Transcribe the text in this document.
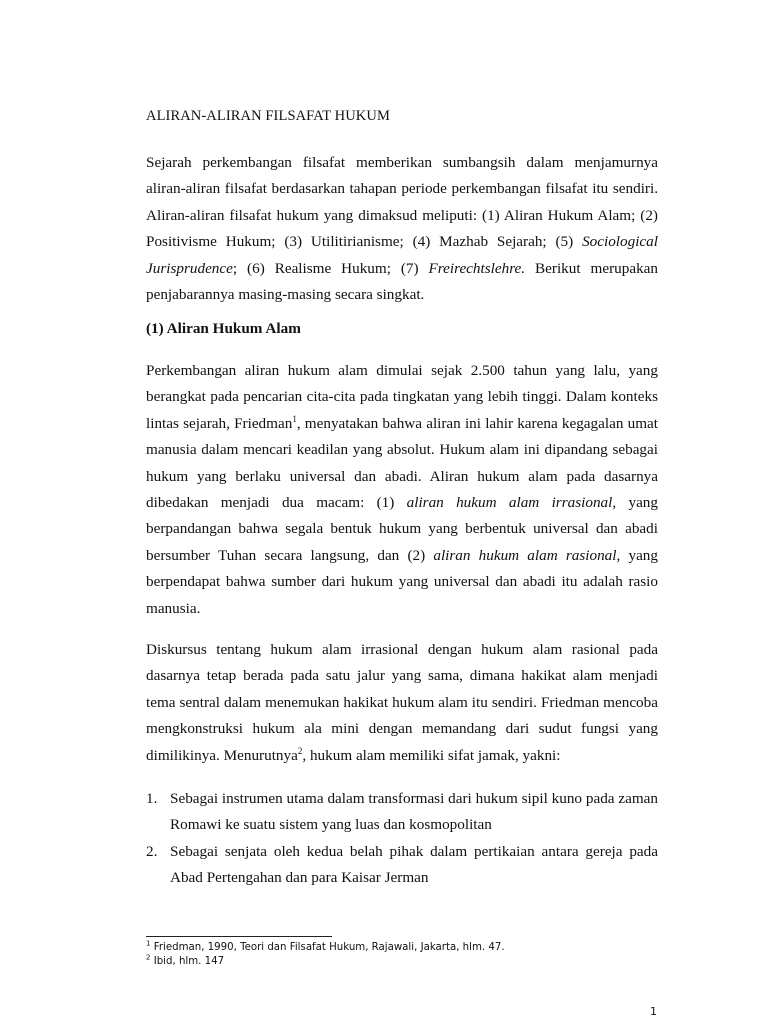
ALIRAN-ALIRAN FILSAFAT HUKUM

Sejarah perkembangan filsafat memberikan sumbangsih dalam menjamurnya aliran-aliran filsafat berdasarkan tahapan periode perkembangan filsafat itu sendiri. Aliran-aliran filsafat hukum yang dimaksud meliputi: (1) Aliran Hukum Alam; (2) Positivisme Hukum; (3) Utilitirianisme; (4) Mazhab Sejarah; (5) Sociological Jurisprudence; (6) Realisme Hukum; (7) Freirechtslehre. Berikut merupakan penjabarannya masing-masing secara singkat.

(1) Aliran Hukum Alam

Perkembangan aliran hukum alam dimulai sejak 2.500 tahun yang lalu, yang berangkat pada pencarian cita-cita pada tingkatan yang lebih tinggi. Dalam konteks lintas sejarah, Friedman$^1$, menyatakan bahwa aliran ini lahir karena kegagalan umat manusia dalam mencari keadilan yang absolut. Hukum alam ini dipandang sebagai hukum yang berlaku universal dan abadi. Aliran hukum alam pada dasarnya dibedakan menjadi dua macam: (1) aliran hukum alam irrasional, yang berpandangan bahwa segala bentuk hukum yang berbentuk universal dan abadi bersumber Tuhan secara langsung, dan (2) aliran hukum alam rasional, yang berpendapat bahwa sumber dari hukum yang universal dan abadi itu adalah rasio manusia.

Diskursus tentang hukum alam irrasional dengan hukum alam rasional pada dasarnya tetap berada pada satu jalur yang sama, dimana hakikat alam menjadi tema sentral dalam menemukan hakikat hukum alam itu sendiri. Friedman mencoba mengkonstruksi hukum ala mini dengan memandang dari sudut fungsi yang dimilikinya. Menurutnya$^2$, hukum alam memiliki sifat jamak, yakni:

1. Sebagai instrumen utama dalam transformasi dari hukum sipil kuno pada zaman Romawi ke suatu sistem yang luas dan kosmopolitan
2. Sebagai senjata oleh kedua belah pihak dalam pertikaian antara gereja pada Abad Pertengahan dan para Kaisar Jerman
$^1$ Friedman, 1990, Teori dan Filsafat Hukum, Rajawali, Jakarta, hlm. 47.
$^2$ Ibid, hlm. 147
1
